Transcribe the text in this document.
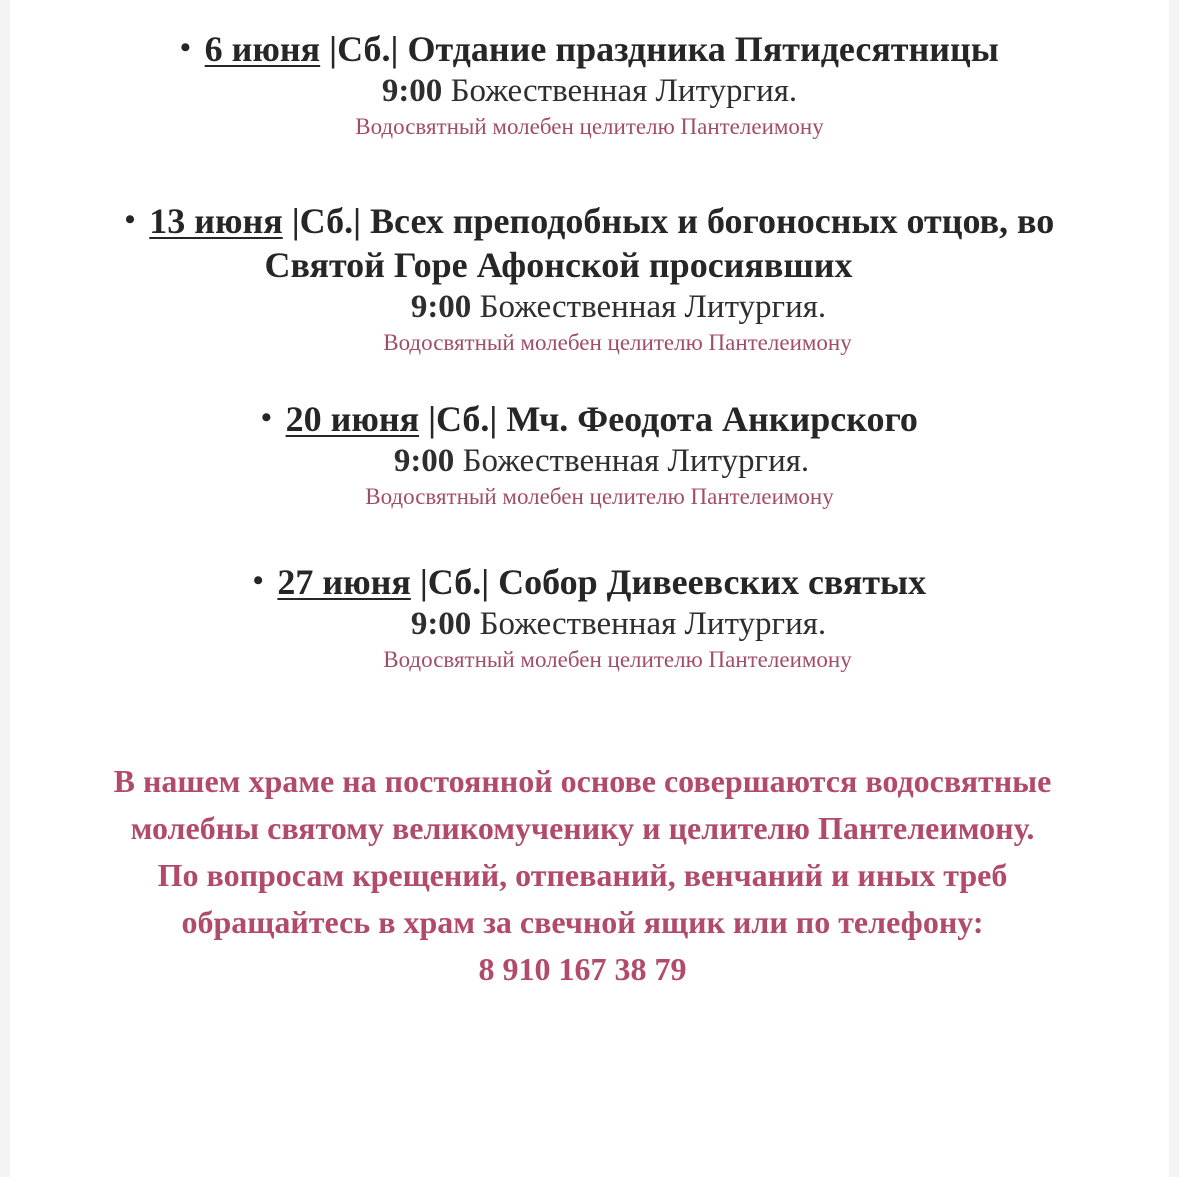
• 6 июня |Сб.| Отдание праздника Пятидесятницы
9:00 Божественная Литургия.
Водосвятный молебен целителю Пантелеимону
• 13 июня |Сб.| Всех преподобных и богоносных отцов, во
Святой Горе Афонской просиявших
9:00 Божественная Литургия.
Водосвятный молебен целителю Пантелеимону
• 20 июня |Сб.| Мч. Феодота Анкирского
9:00 Божественная Литургия.
Водосвятный молебен целителю Пантелеимону
• 27 июня |Сб.| Собор Дивеевских святых
9:00 Божественная Литургия.
Водосвятный молебен целителю Пантелеимону
В нашем храме на постоянной основе совершаются водосвятные
молебны святому великомученику и целителю Пантелеимону.
По вопросам крещений, отпеваний, венчаний и иных треб
обращайтесь в храм за свечной ящик или по телефону:
8 910 167 38 79
